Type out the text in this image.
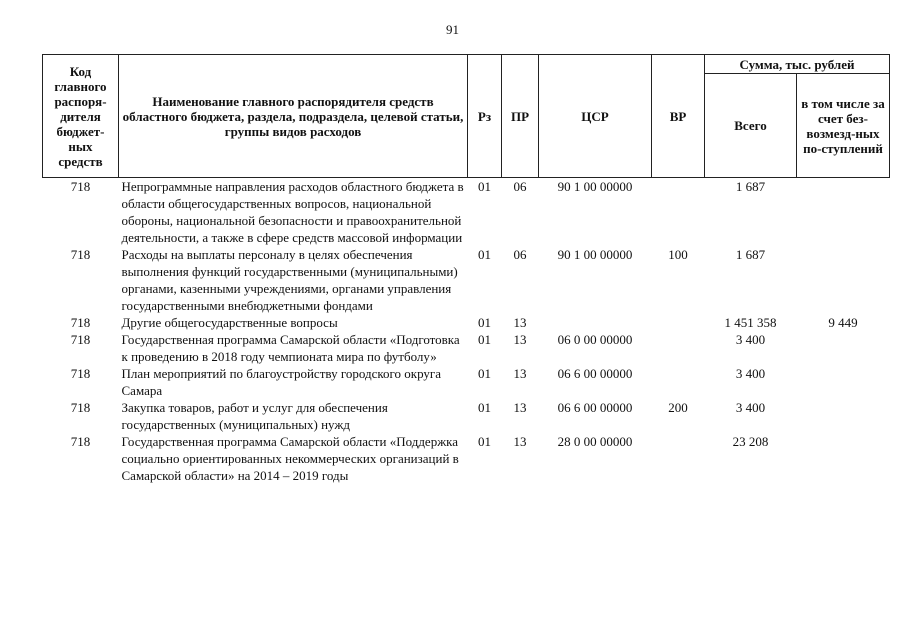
91
Код главного распоря-дителя бюджет-ных средств	Наименование главного распорядителя средств областного бюджета, раздела, подраздела, целевой статьи, группы видов расходов	Рз	ПР	ЦСР	ВР	Сумма, тыс. рублей	
						Всего	в том числе за счет без-возмезд-ных по-ступлений
718	Непрограммные направления расходов областного бюджета в области общегосударственных вопросов, национальной обороны, национальной безопасности и правоохранительной деятельности, а также в сфере средств массовой информации	01	06	90 1 00 00000		1 687	
718	Расходы на выплаты персоналу в целях обеспечения выполнения функций государственными (муниципальными) органами, казенными учреждениями, органами управления государственными внебюджетными фондами	01	06	90 1 00 00000	100	1 687	
718	Другие общегосударственные вопросы	01	13			1 451 358	9 449
718	Государственная программа Самарской области «Подготовка к проведению в 2018 году чемпионата мира по футболу»	01	13	06 0 00 00000		3 400	
718	План мероприятий по благоустройству городского округа Самара	01	13	06 6 00 00000		3 400	
718	Закупка товаров, работ и услуг для обеспечения государственных (муниципальных) нужд	01	13	06 6 00 00000	200	3 400	
718	Государственная программа Самарской области «Поддержка социально ориентированных некоммерческих организаций в Самарской области» на 2014 – 2019 годы	01	13	28 0 00 00000		23 208	
